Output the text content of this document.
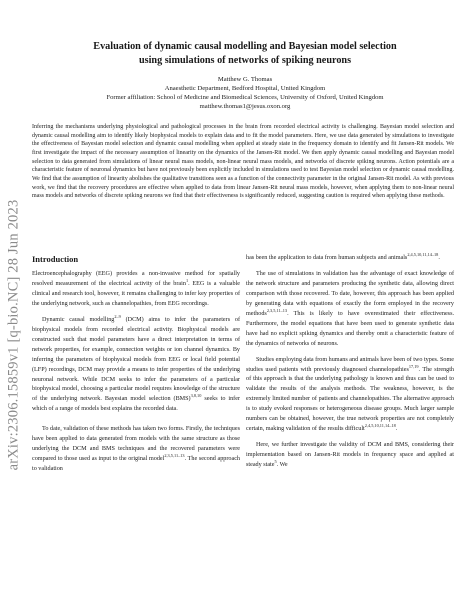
arXiv:2306.15859v1 [q-bio.NC] 28 Jun 2023
Evaluation of dynamic causal modelling and Bayesian model selection
using simulations of networks of spiking neurons
Matthew G. Thomas
Anaesthetic Department, Bedford Hospital, United Kingdom
Former affiliation: School of Medicine and Biomedical Sciences, University of Oxford, United Kingdom
matthew.thomas1@jesus.oxon.org
Inferring the mechanisms underlying physiological and pathological processes in the brain from recorded electrical activity is challenging. Bayesian model selection and dynamic causal modelling aim to identify likely biophysical models to explain data and to fit the model parameters. Here, we use data generated by simulations to investigate the effectiveness of Bayesian model selection and dynamic causal modelling when applied at steady state in the frequency domain to identify and fit Jansen-Rit models. We first investigate the impact of the necessary assumption of linearity on the dynamics of the Jansen-Rit model. We then apply dynamic causal modelling and Bayesian model selection to data generated from simulations of linear neural mass models, non-linear neural mass models, and networks of discrete spiking neurons. Action potentials are a characteristic feature of neuronal dynamics but have not previously been explicitly included in simulations used to test Bayesian model selection or dynamic causal modelling. We find that the assumption of linearity abolishes the qualitative transitions seen as a function of the connectivity parameter in the original Jansen-Rit model. As with previous work, we find that the recovery procedures are effective when applied to data from linear Jansen-Rit neural mass models, however, when applying them to non-linear neural mass models and networks of discrete spiking neurons we find that their effectiveness is significantly reduced, suggesting caution is required when applying these methods.
Introduction

Electroencephalography (EEG) provides a non-invasive method for spatially resolved measurement of the electrical activity of the brain$^1$. EEG is a valuable clinical and research tool, however, it remains challenging to infer key properties of the underlying network, such as channelopathies, from EEG recordings.

Dynamic causal modelling$^{2-9}$ (DCM) aims to infer the parameters of biophysical models from recorded electrical activity. Biophysical models are constructed such that model parameters have a direct interpretation in terms of network properties, for example, connection weights or ion channel dynamics. By inferring the parameters of biophysical models from EEG or local field potential (LFP) recordings, DCM may provide a means to infer properties of the underlying neuronal network. While DCM seeks to infer the parameters of a particular biophysical model, choosing a particular model requires knowledge of the structure of the underlying network. Bayesian model selection (BMS)$^{3,8,10}$ seeks to infer which of a range of models best explains the recorded data.

To date, validation of these methods has taken two forms. Firstly, the techniques have been applied to data generated from models with the same structure as those underlying the DCM and BMS techniques and the recovered parameters were compared to those used as input to the original model$^{2,3,5,11-13}$. The second approach to validation

has been the application to data from human subjects and animals$^{2,4,5,10,11,14-18}$.

The use of simulations in validation has the advantage of exact knowledge of the network structure and parameters producing the synthetic data, allowing direct comparison with those recovered. To date, however, this approach has been applied by generating data with equations of exactly the form employed in the recovery methods$^{2,3,5,11-13}$. This is likely to have overestimated their effectiveness. Furthermore, the model equations that have been used to generate synthetic data have had no explicit spiking dynamics and thereby omit a characteristic feature of the dynamics of networks of neurons.

Studies employing data from humans and animals have been of two types. Some studies used patients with previously diagnosed channelopathies$^{17,19}$. The strength of this approach is that the underlying pathology is known and thus can be used to validate the results of the analysis methods. The weakness, however, is the extremely limited number of patients and channelopathies. The alternative approach is to study evoked responses or heterogeneous disease groups. Much larger sample numbers can be obtained, however, the true network properties are not completely certain, making validation of the results difficult$^{2,4,5,10,11,14-18}$.

Here, we further investigate the validity of DCM and BMS, considering their implementation based on Jansen-Rit models in frequency space and applied at steady state$^5$. We
